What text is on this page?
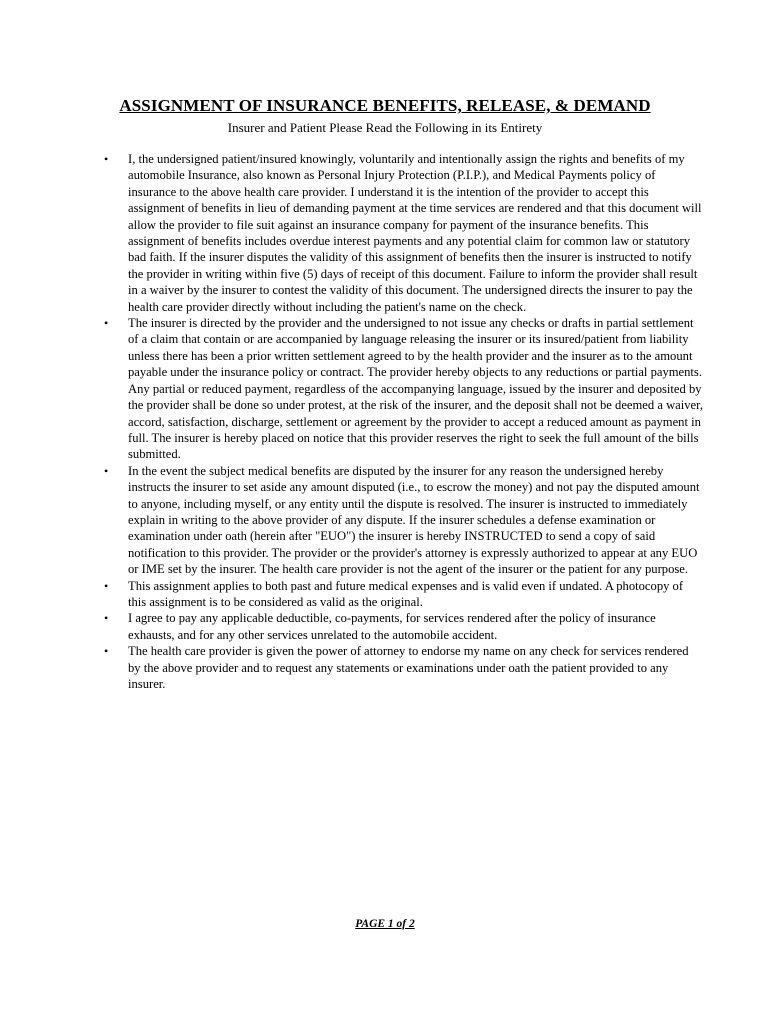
ASSIGNMENT OF INSURANCE BENEFITS, RELEASE, & DEMAND

Insurer and Patient Please Read the Following in its Entirety

•	I, the undersigned patient/insured knowingly, voluntarily and intentionally assign the rights and benefits of my automobile Insurance, also known as Personal Injury Protection (P.I.P.), and Medical Payments policy of insurance to the above health care provider. I understand it is the intention of the provider to accept this assignment of benefits in lieu of demanding payment at the time services are rendered and that this document will allow the provider to file suit against an insurance company for payment of the insurance benefits. This assignment of benefits includes overdue interest payments and any potential claim for common law or statutory bad faith. If the insurer disputes the validity of this assignment of benefits then the insurer is instructed to notify the provider in writing within five (5) days of receipt of this document. Failure to inform the provider shall result in a waiver by the insurer to contest the validity of this document. The undersigned directs the insurer to pay the health care provider directly without including the patient's name on the check.
•	The insurer is directed by the provider and the undersigned to not issue any checks or drafts in partial settlement of a claim that contain or are accompanied by language releasing the insurer or its insured/patient from liability unless there has been a prior written settlement agreed to by the health provider and the insurer as to the amount payable under the insurance policy or contract. The provider hereby objects to any reductions or partial payments. Any partial or reduced payment, regardless of the accompanying language, issued by the insurer and deposited by the provider shall be done so under protest, at the risk of the insurer, and the deposit shall not be deemed a waiver, accord, satisfaction, discharge, settlement or agreement by the provider to accept a reduced amount as payment in full. The insurer is hereby placed on notice that this provider reserves the right to seek the full amount of the bills submitted.
•	In the event the subject medical benefits are disputed by the insurer for any reason the undersigned hereby instructs the insurer to set aside any amount disputed (i.e., to escrow the money) and not pay the disputed amount to anyone, including myself, or any entity until the dispute is resolved. The insurer is instructed to immediately explain in writing to the above provider of any dispute. If the insurer schedules a defense examination or examination under oath (herein after "EUO") the insurer is hereby INSTRUCTED to send a copy of said notification to this provider. The provider or the provider's attorney is expressly authorized to appear at any EUO or IME set by the insurer. The health care provider is not the agent of the insurer or the patient for any purpose.
•	This assignment applies to both past and future medical expenses and is valid even if undated. A photocopy of this assignment is to be considered as valid as the original.
•	I agree to pay any applicable deductible, co-payments, for services rendered after the policy of insurance exhausts, and for any other services unrelated to the automobile accident.
•	The health care provider is given the power of attorney to endorse my name on any check for services rendered by the above provider and to request any statements or examinations under oath the patient provided to any insurer.
PAGE 1 of 2
